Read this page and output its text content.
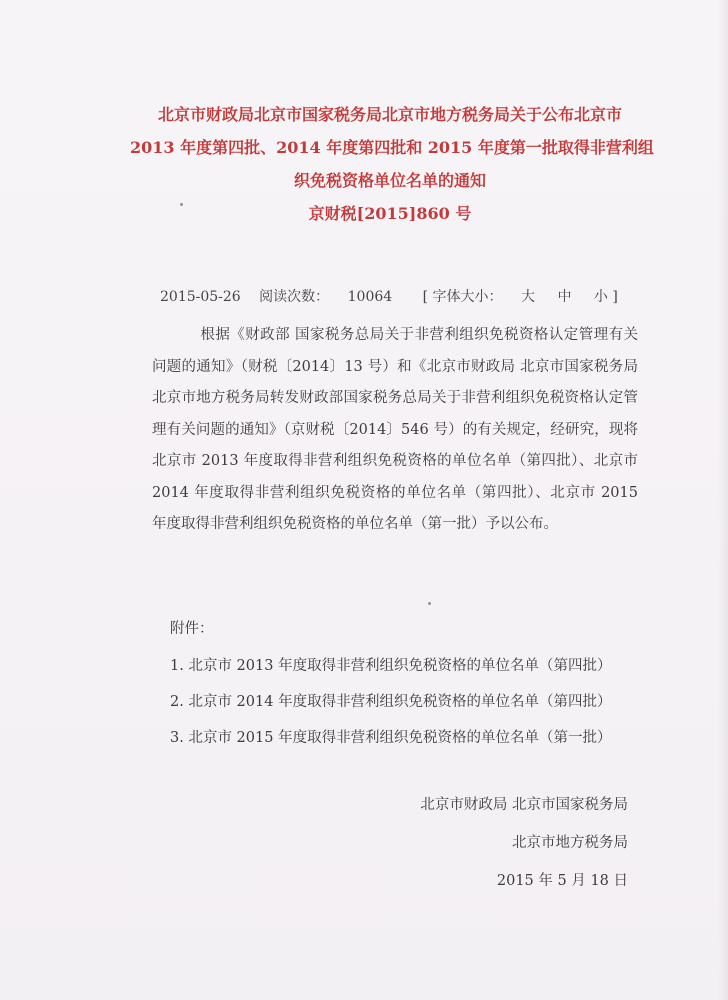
北京市财政局北京市国家税务局北京市地方税务局关于公布北京市
2013 年度第四批、2014 年度第四批和 2015 年度第一批取得非营利组
织免税资格单位名单的通知
京财税[2015]860 号
2015-05-26 阅读次数： 10064 [ 字体大小： 大 中 小 ]
根据《财政部 国家税务总局关于非营利组织免税资格认定管理有关问题的通知》（财税〔2014〕13 号）和《北京市财政局 北京市国家税务局 北京市地方税务局转发财政部国家税务总局关于非营利组织免税资格认定管理有关问题的通知》（京财税〔2014〕546 号）的有关规定，经研究，现将北京市 2013 年度取得非营利组织免税资格的单位名单（第四批）、北京市 2014 年度取得非营利组织免税资格的单位名单（第四批）、北京市 2015 年度取得非营利组织免税资格的单位名单（第一批）予以公布。
附件：
1. 北京市 2013 年度取得非营利组织免税资格的单位名单（第四批）
2. 北京市 2014 年度取得非营利组织免税资格的单位名单（第四批）
3. 北京市 2015 年度取得非营利组织免税资格的单位名单（第一批）
北京市财政局 北京市国家税务局
北京市地方税务局
2015 年 5 月 18 日
